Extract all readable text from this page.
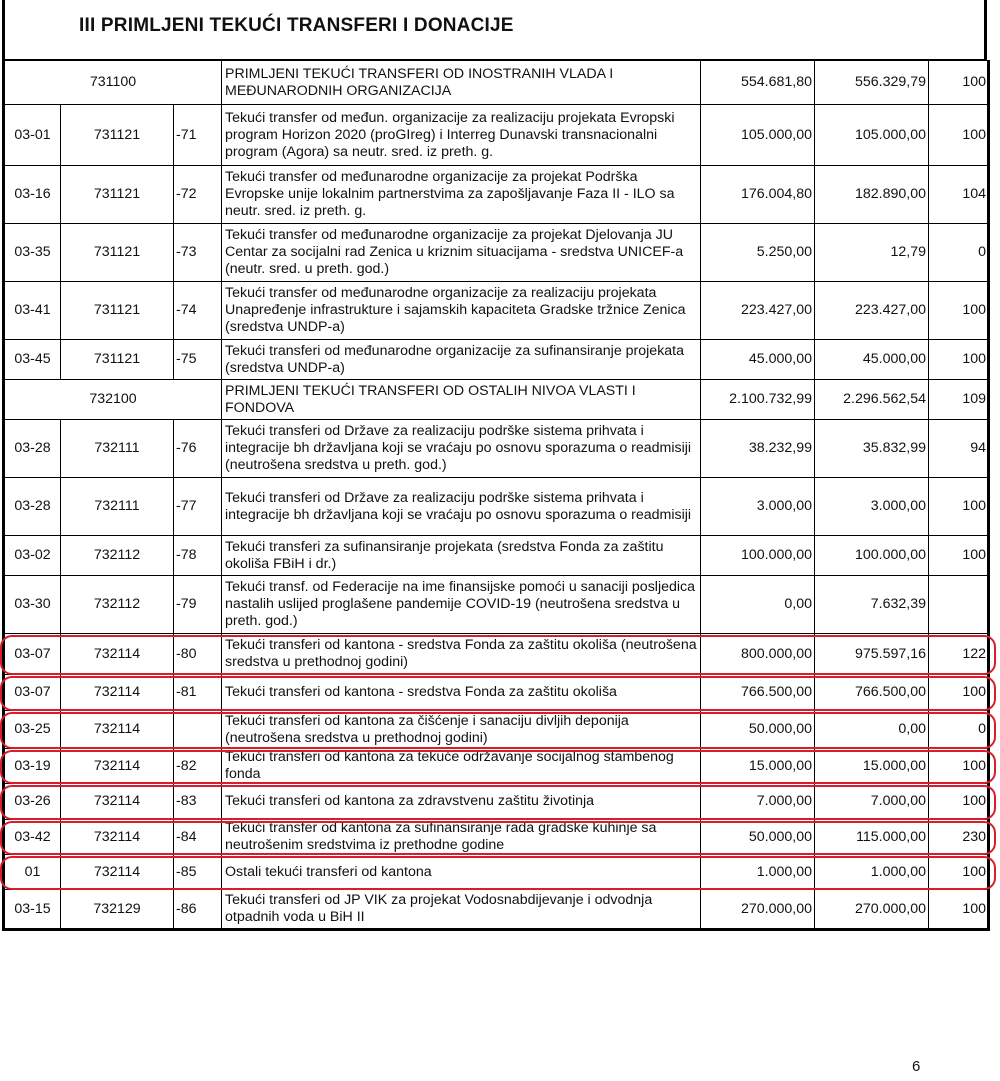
III PRIMLJENI TEKUĆI TRANSFERI I DONACIJE
731100			PRIMLJENI TEKUĆI TRANSFERI OD INOSTRANIH VLADA I MEĐUNARODNIH ORGANIZACIJA	554.681,80	556.329,79	100
03-01	731121	-71	Tekući transfer od međun. organizacije za realizaciju projekata Evropski program Horizon 2020 (proGIreg) i Interreg Dunavski transnacionalni program (Agora) sa neutr. sred. iz preth. g.	105.000,00	105.000,00	100
03-16	731121	-72	Tekući transfer od međunarodne organizacije za projekat Podrška Evropske unije lokalnim partnerstvima za zapošljavanje Faza II - ILO sa neutr. sred. iz preth. g.	176.004,80	182.890,00	104
03-35	731121	-73	Tekući transfer od međunarodne organizacije za projekat Djelovanja JU Centar za socijalni rad Zenica u kriznim situacijama - sredstva UNICEF-a (neutr. sred. u preth. god.)	5.250,00	12,79	0
03-41	731121	-74	Tekući transfer od međunarodne organizacije za realizaciju projekata Unapređenje infrastrukture i sajamskih kapaciteta Gradske tržnice Zenica (sredstva UNDP-a)	223.427,00	223.427,00	100
03-45	731121	-75	Tekući transferi od međunarodne organizacije za sufinansiranje projekata (sredstva UNDP-a)	45.000,00	45.000,00	100
732100			PRIMLJENI TEKUĆI TRANSFERI OD OSTALIH NIVOA VLASTI I FONDOVA	2.100.732,99	2.296.562,54	109
03-28	732111	-76	Tekući transferi od Države za realizaciju podrške sistema prihvata i integracije bh državljana koji se vraćaju po osnovu sporazuma o readmisiji (neutrošena sredstva u preth. god.)	38.232,99	35.832,99	94
03-28	732111	-77	Tekući transferi od Države za realizaciju podrške sistema prihvata i integracije bh državljana koji se vraćaju po osnovu sporazuma o readmisiji	3.000,00	3.000,00	100
03-02	732112	-78	Tekući transferi za sufinansiranje projekata (sredstva Fonda za zaštitu okoliša FBiH i dr.)	100.000,00	100.000,00	100
03-30	732112	-79	Tekući transf. od Federacije na ime finansijske pomoći u sanaciji posljedica nastalih uslijed proglašene pandemije COVID-19 (neutrošena sredstva u preth. god.)	0,00	7.632,39	
03-07	732114	-80	Tekući transferi od kantona - sredstva Fonda za zaštitu okoliša (neutrošena sredstva u prethodnoj godini)	800.000,00	975.597,16	122
03-07	732114	-81	Tekući transferi od kantona - sredstva Fonda za zaštitu okoliša	766.500,00	766.500,00	100
03-25	732114		Tekući transferi od kantona za čišćenje i sanaciju divljih deponija (neutrošena sredstva u prethodnoj godini)	50.000,00	0,00	0
03-19	732114	-82	Tekući transferi od kantona za tekuće održavanje socijalnog stambenog fonda	15.000,00	15.000,00	100
03-26	732114	-83	Tekući transferi od kantona za zdravstvenu zaštitu životinja	7.000,00	7.000,00	100
03-42	732114	-84	Tekući transfer od kantona za sufinansiranje rada gradske kuhinje sa neutrošenim sredstvima iz prethodne godine	50.000,00	115.000,00	230
01	732114	-85	Ostali tekući transferi od kantona	1.000,00	1.000,00	100
03-15	732129	-86	Tekući transferi od JP VIK za projekat Vodosnabdijevanje i odvodnja otpadnih voda u BiH II	270.000,00	270.000,00	100
6
